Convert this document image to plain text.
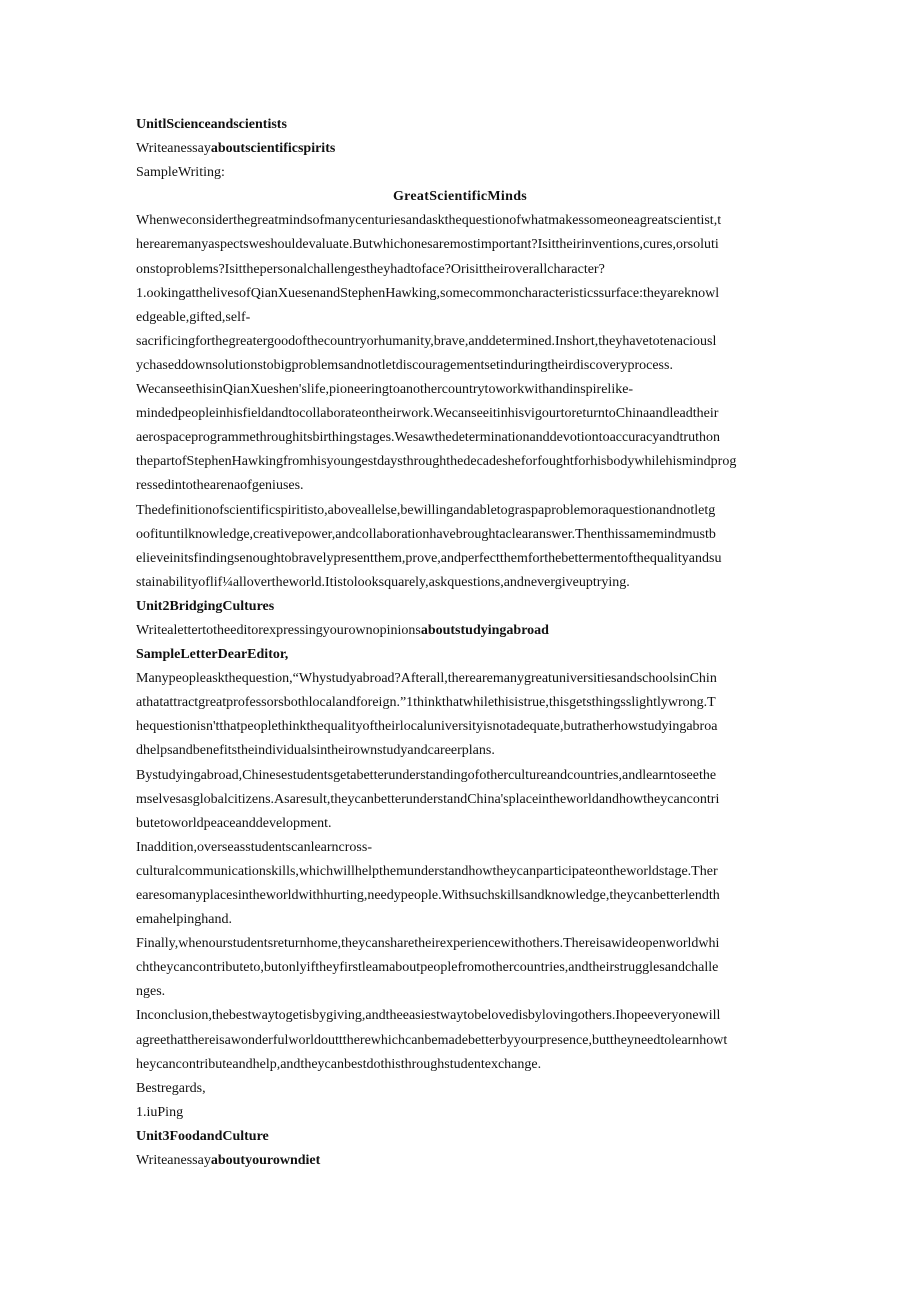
UnitlScienceandscientists
Writeanessayaboutscientificspirits
SampleWriting:
GreatScientificMinds
Whenweconsiderthegreatmindsofmanycenturiesandaskthequestionofwhatmakessomeoneagreatscientist,t
herearemanyaspectsweshouldevaluate.Butwhichonesaremostimportant?Isittheirinventions,cures,orsoluti
onstoproblems?Isitthepersonalchallengestheyhadtoface?Orisittheiroverallcharacter?
1.ookingatthelivesofQianXuesenandStephenHawking,somecommoncharacteristicssurface:theyareknowl
edgeable,gifted,self-
sacrificingforthegreatergoodofthecountryorhumanity,brave,anddetermined.Inshort,theyhavetotenaciousl
ychaseddownsolutionstobigproblemsandnotletdiscouragementsetinduringtheirdiscoveryprocess.
WecanseethisinQianXueshen'slife,pioneeringtoanothercountrytoworkwithandinspirelike-
mindedpeopleinhisfieldandtocollaborateontheirwork.WecanseeitinhisvigourtoreturntoChinaandleadtheir
aerospaceprogrammethroughitsbirthingstages.Wesawthedeterminationanddevotiontoaccuracyandtruthon
thepartofStephenHawkingfromhisyoungestdaysthroughthedecadesheforfoughtforhisbodywhilehismindprog
ressedintothearenaofgeniuses.
Thedefinitionofscientificspiritisto,aboveallelse,bewillingandabletograspaproblemoraquestionandnotletg
oofituntilknowledge,creativepower,andcollaborationhavebroughtaclearanswer.Thenthissamemindmustb
elieveinitsfindingsenoughtobravelypresentthem,prove,andperfectthemforthebettermentofthequalityandsu
stainabilityoflif¼allovertheworld.Itistolooksquarely,askquestions,andnevergiveuptrying.
Unit2BridgingCultures
Writealettertotheeditorexpressingyourownopinionsaboutstudyingabroad
SampleLetterDearEditor,
Manypeopleaskthequestion,“Whystudyabroad?Afterall,therearemanygreatuniversitiesandschoolsinChin
athatattractgreatprofessorsbothlocalandforeign.”1thinkthatwhilethisistrue,thisgetsthingsslightlywrong.T
hequestionisn'tthatpeoplethinkthequalityoftheirlocaluniversityisnotadequate,butratherhowstudyingabroa
dhelpsandbenefitstheindividualsintheirownstudyandcareerplans.
Bystudyingabroad,Chinesestudentsgetabetterunderstandingofothercultureandcountries,andlearntoseethe
mselvesasglobalcitizens.Asaresult,theycanbetterunderstandChina'splaceintheworldandhowtheycancontri
butetoworldpeaceanddevelopment.
Inaddition,overseasstudentscanlearncross-
culturalcommunicationskills,whichwillhelpthemunderstandhowtheycanparticipateontheworldstage.Ther
earesomanyplacesintheworldwithhurting,needypeople.Withsuchskillsandknowledge,theycanbetterlendth
emahelpinghand.
Finally,whenourstudentsreturnhome,theycansharetheirexperiencewithothers.Thereisawideopenworldwhi
chtheycancontributeto,butonlyiftheyfirstleamaboutpeoplefromothercountries,andtheirstrugglesandchalle
nges.
Inconclusion,thebestwaytogetisbygiving,andtheeasiestwaytobelovedisbylovingothers.Ihopeeveryonewill
agreethatthereisawonderfulworldoutttherewhichcanbemadebetterbyyourpresence,buttheyneedtolearnhowt
heycancontributeandhelp,andtheycanbestdothisthroughstudentexchange.
Bestregards,
1.iuPing
Unit3FoodandCulture
Writeanessayaboutyourowndiet
